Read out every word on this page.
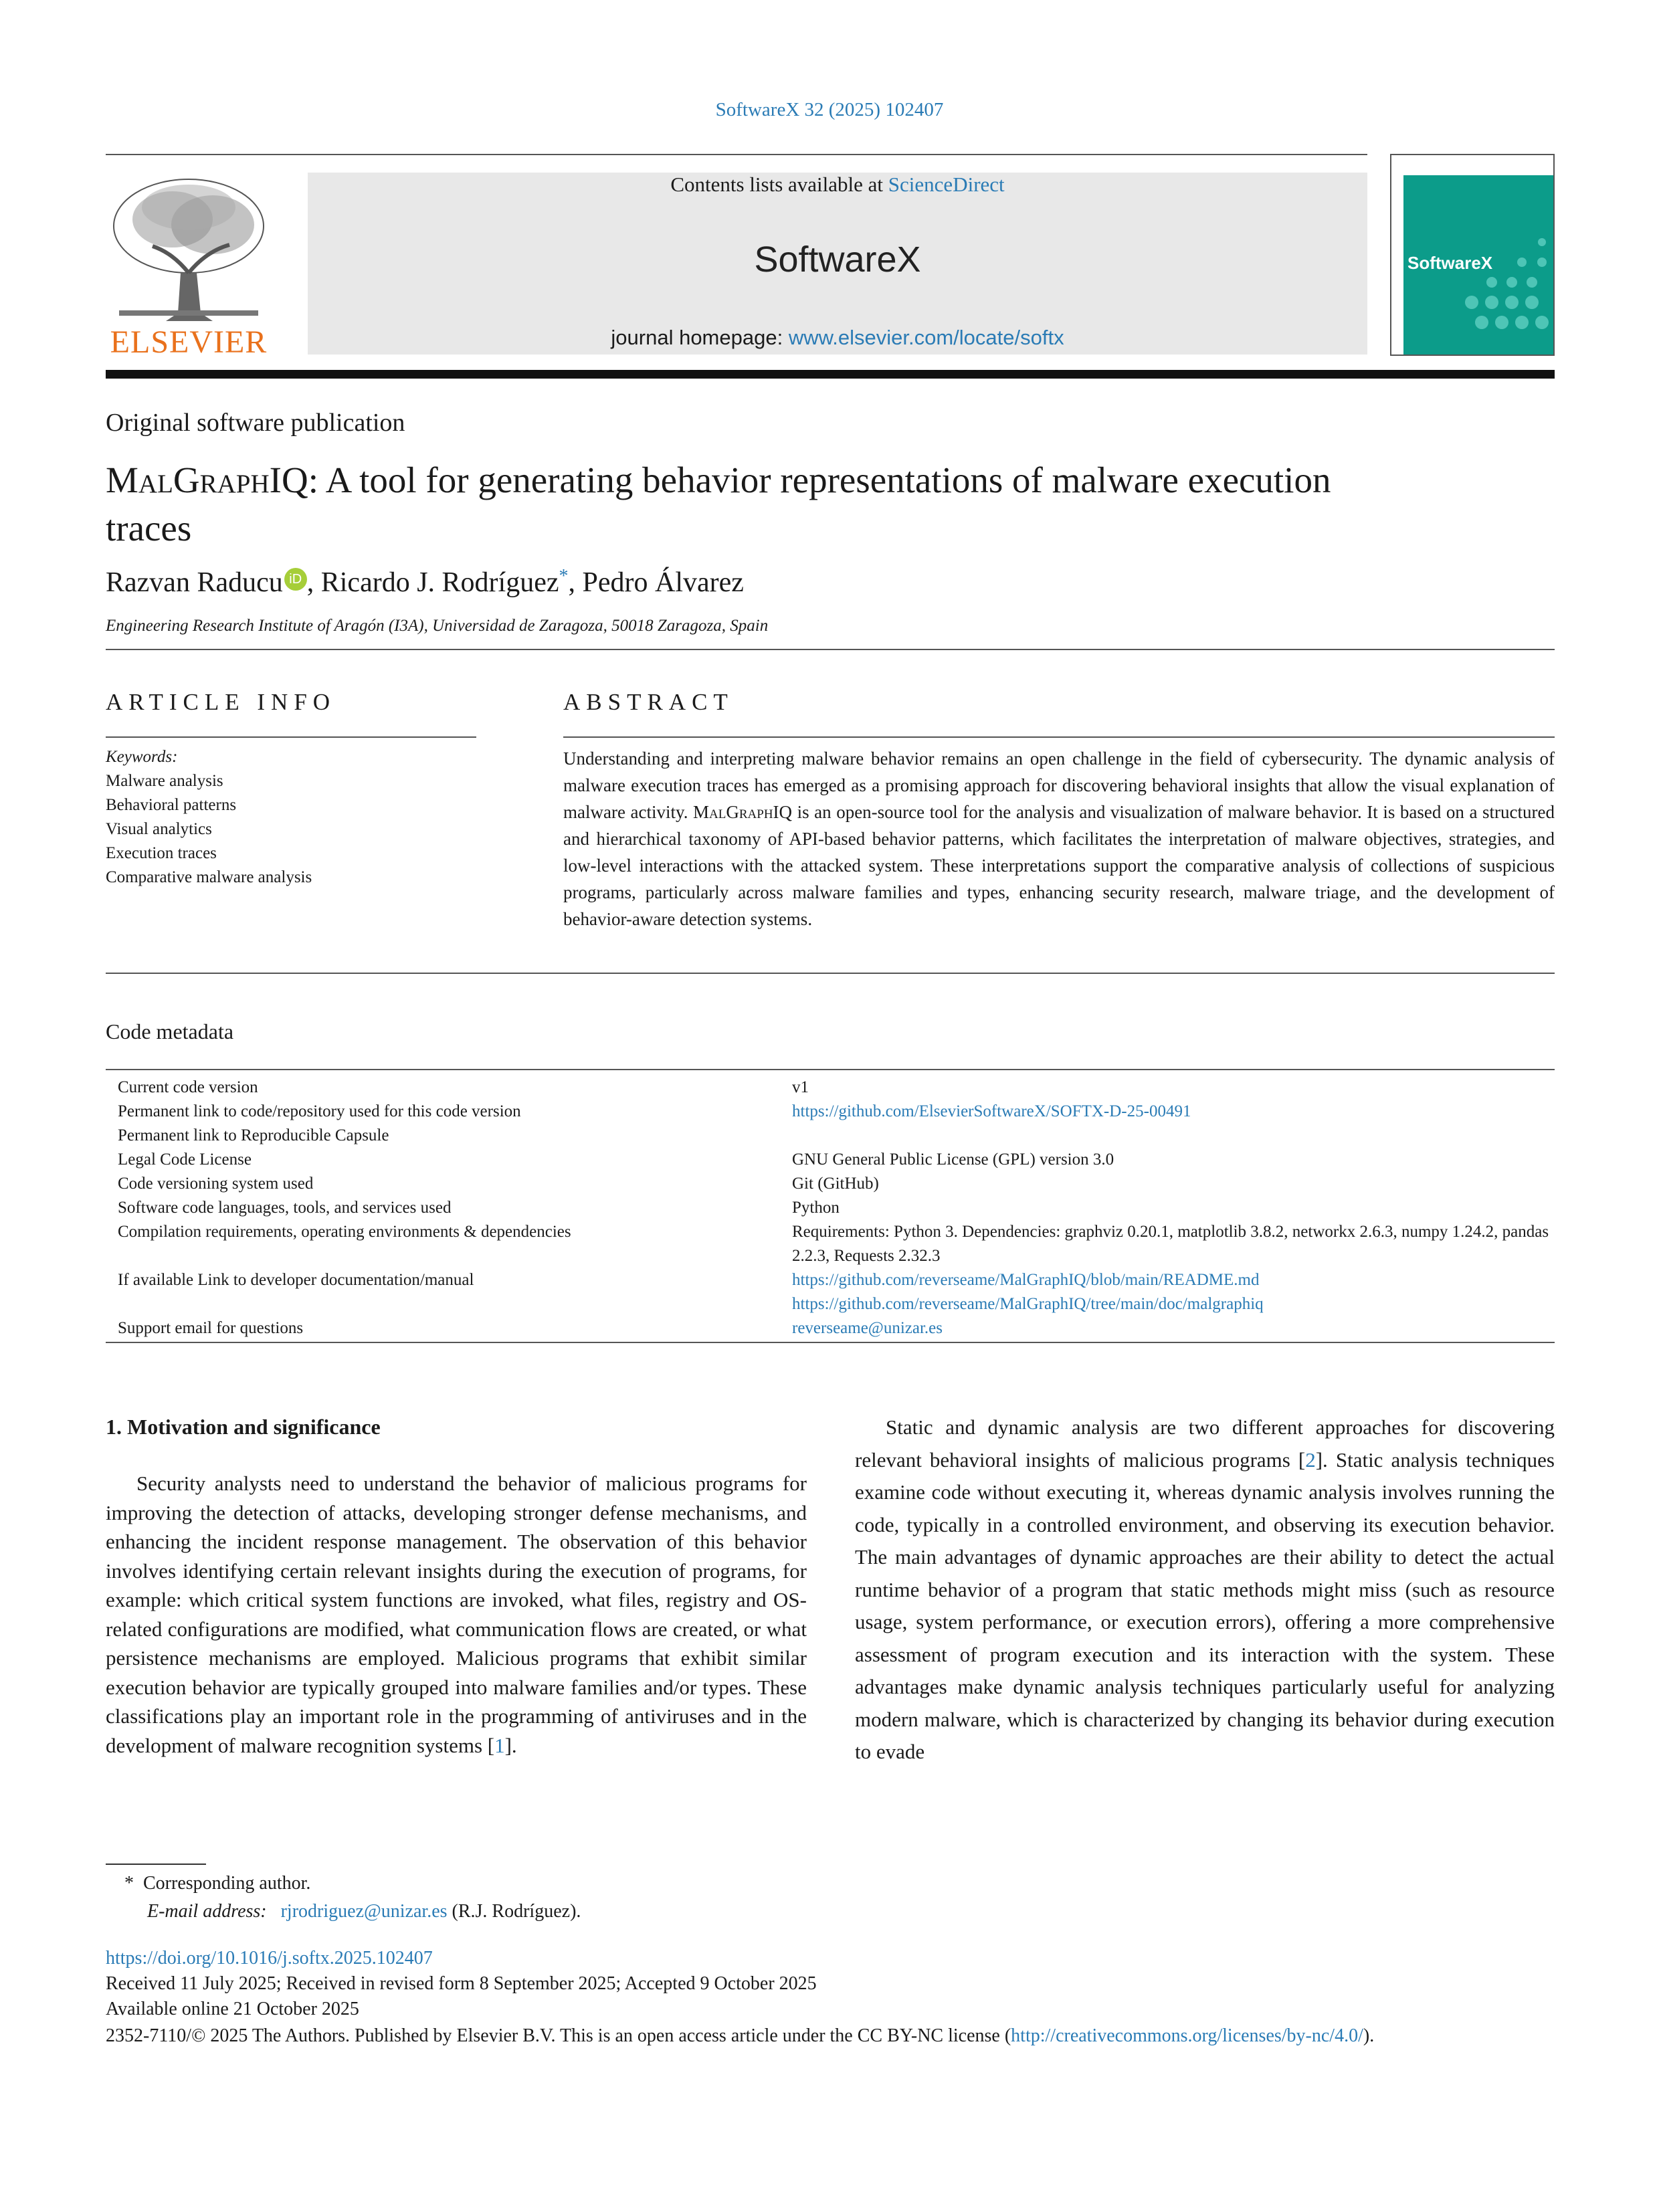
SoftwareX 32 (2025) 102407
ELSEVIER
Contents lists available at ScienceDirect
SoftwareX
journal homepage: www.elsevier.com/locate/softx
SoftwareX
Original software publication
MalGraphIQ: A tool for generating behavior representations of malware execution traces
Razvan Raducu iD , Ricardo J. Rodríguez*, Pedro Álvarez
Engineering Research Institute of Aragón (I3A), Universidad de Zaragoza, 50018 Zaragoza, Spain
ARTICLE INFO	ABSTRACT
Keywords:
Malware analysis
Behavioral patterns
Visual analytics
Execution traces
Comparative malware analysis
Understanding and interpreting malware behavior remains an open challenge in the field of cybersecurity. The dynamic analysis of malware execution traces has emerged as a promising approach for discovering behavioral insights that allow the visual explanation of malware activity. MalGraphIQ is an open-source tool for the analysis and visualization of malware behavior. It is based on a structured and hierarchical taxonomy of API-based behavior patterns, which facilitates the interpretation of malware objectives, strategies, and low-level interactions with the attacked system. These interpretations support the comparative analysis of collections of suspicious programs, particularly across malware families and types, enhancing security research, malware triage, and the development of behavior-aware detection systems.
Code metadata
Current code version	v1
Permanent link to code/repository used for this code version	https://github.com/ElsevierSoftwareX/SOFTX-D-25-00491
Permanent link to Reproducible Capsule	
Legal Code License	GNU General Public License (GPL) version 3.0
Code versioning system used	Git (GitHub)
Software code languages, tools, and services used	Python
Compilation requirements, operating environments & dependencies	Requirements: Python 3. Dependencies: graphviz 0.20.1, matplotlib 3.8.2, networkx 2.6.3, numpy 1.24.2, pandas 2.2.3, Requests 2.32.3
If available Link to developer documentation/manual	https://github.com/reverseame/MalGraphIQ/blob/main/README.md
	https://github.com/reverseame/MalGraphIQ/tree/main/doc/malgraphiq
Support email for questions	reverseame@unizar.es
1. Motivation and significance
Security analysts need to understand the behavior of malicious programs for improving the detection of attacks, developing stronger defense mechanisms, and enhancing the incident response management. The observation of this behavior involves identifying certain relevant insights during the execution of programs, for example: which critical system functions are invoked, what files, registry and OS-related configurations are modified, what communication flows are created, or what persistence mechanisms are employed. Malicious programs that exhibit similar execution behavior are typically grouped into malware families and/or types. These classifications play an important role in the programming of antiviruses and in the development of malware recognition systems [1].
Static and dynamic analysis are two different approaches for discovering relevant behavioral insights of malicious programs [2]. Static analysis techniques examine code without executing it, whereas dynamic analysis involves running the code, typically in a controlled environment, and observing its execution behavior. The main advantages of dynamic approaches are their ability to detect the actual runtime behavior of a program that static methods might miss (such as resource usage, system performance, or execution errors), offering a more comprehensive assessment of program execution and its interaction with the system. These advantages make dynamic analysis techniques particularly useful for analyzing modern malware, which is characterized by changing its behavior during execution to evade
* Corresponding author.
E-mail address: rjrodriguez@unizar.es (R.J. Rodríguez).
https://doi.org/10.1016/j.softx.2025.102407
Received 11 July 2025; Received in revised form 8 September 2025; Accepted 9 October 2025
Available online 21 October 2025
2352-7110/© 2025 The Authors. Published by Elsevier B.V. This is an open access article under the CC BY-NC license (http://creativecommons.org/licenses/by-nc/4.0/).
